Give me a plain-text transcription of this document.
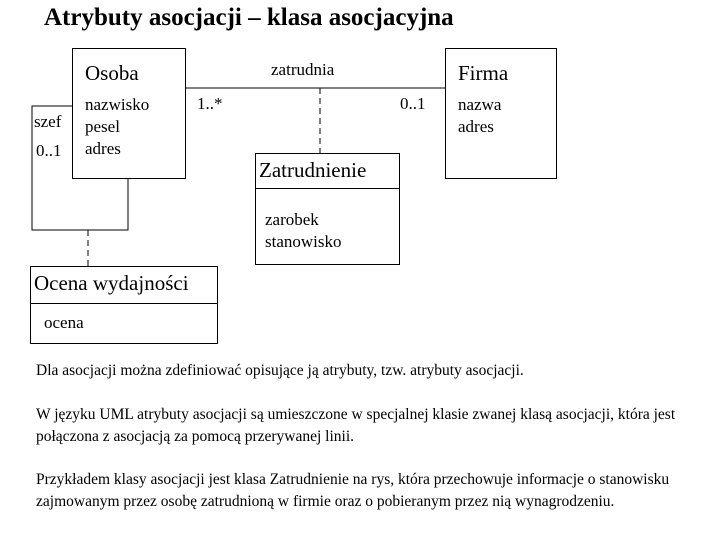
Atrybuty asocjacji – klasa asocjacyjna
Osoba
nazwisko
pesel
adres
Firma
nazwa
adres
Zatrudnienie
zarobek
stanowisko
Ocena wydajności
ocena
zatrudnia
1..*	0..1
szef
0..1
Dla asocjacji można zdefiniować opisujące ją atrybuty, tzw. atrybuty asocjacji.
W języku UML atrybuty asocjacji są umieszczone w specjalnej klasie zwanej klasą asocjacji, która jest połączona z asocjacją za pomocą przerywanej linii.
Przykładem klasy asocjacji jest klasa Zatrudnienie na rys, która przechowuje informacje o stanowisku zajmowanym przez osobę zatrudnioną w firmie oraz o pobieranym przez nią wynagrodzeniu.
